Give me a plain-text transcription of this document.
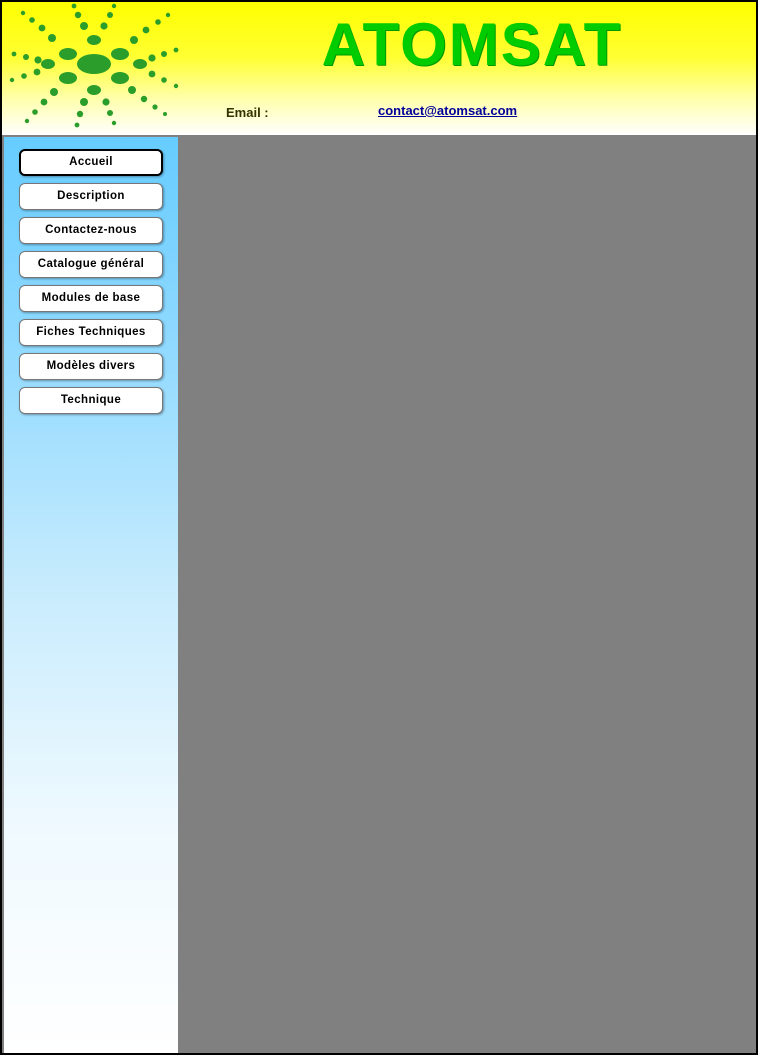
ATOMSAT
Email :	contact@atomsat.com
Accueil
Description
Contactez-nous
Catalogue général
Modules de base
Fiches Techniques
Modèles divers
Technique
